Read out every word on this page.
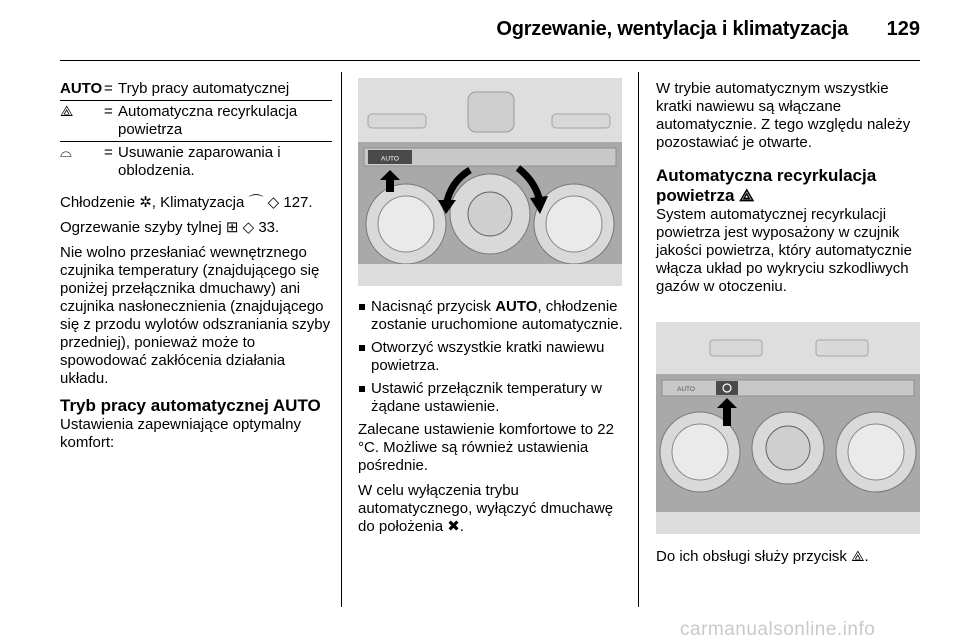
Ogrzewanie, wentylacja i klimatyzacja 129
AUTO = Tryb pracy automatycznej
⟁	= Automatyczna recyrkulacja powietrza
⌓	= Usuwanie zaparowania i oblodzenia.

Chłodzenie ✲, Klimatyzacja ⌒ ◇ 127.

Ogrzewanie szyby tylnej ⊞ ◇ 33.

Nie wolno przesłaniać wewnętrznego czujnika temperatury (znajdującego się poniżej przełącznika dmuchawy) ani czujnika nasłonecznienia (znajdującego się z przodu wylotów odszraniania szyby przedniej), ponieważ może to spowodować zakłócenia działania układu.

Tryb pracy automatycznej AUTO

Ustawienia zapewniające optymalny komfort:

AUTO
Nacisnąć przycisk AUTO, chłodzenie zostanie uruchomione automatycznie.
Otworzyć wszystkie kratki nawiewu powietrza.
Ustawić przełącznik temperatury w żądane ustawienie.

Zalecane ustawienie komfortowe to 22 °C. Możliwe są również ustawienia pośrednie.

W celu wyłączenia trybu automatycznego, wyłączyć dmuchawę do położenia ✖.

W trybie automatycznym wszystkie kratki nawiewu są włączane automatycznie. Z tego względu należy pozostawiać je otwarte.

Automatyczna recyrkulacja powietrza ⟁

System automatycznej recyrkulacji powietrza jest wyposażony w czujnik jakości powietrza, który automatycznie włącza układ po wykryciu szkodliwych gazów w otoczeniu.

AUTO

Do ich obsługi służy przycisk ⟁.

carmanualsonline.info
